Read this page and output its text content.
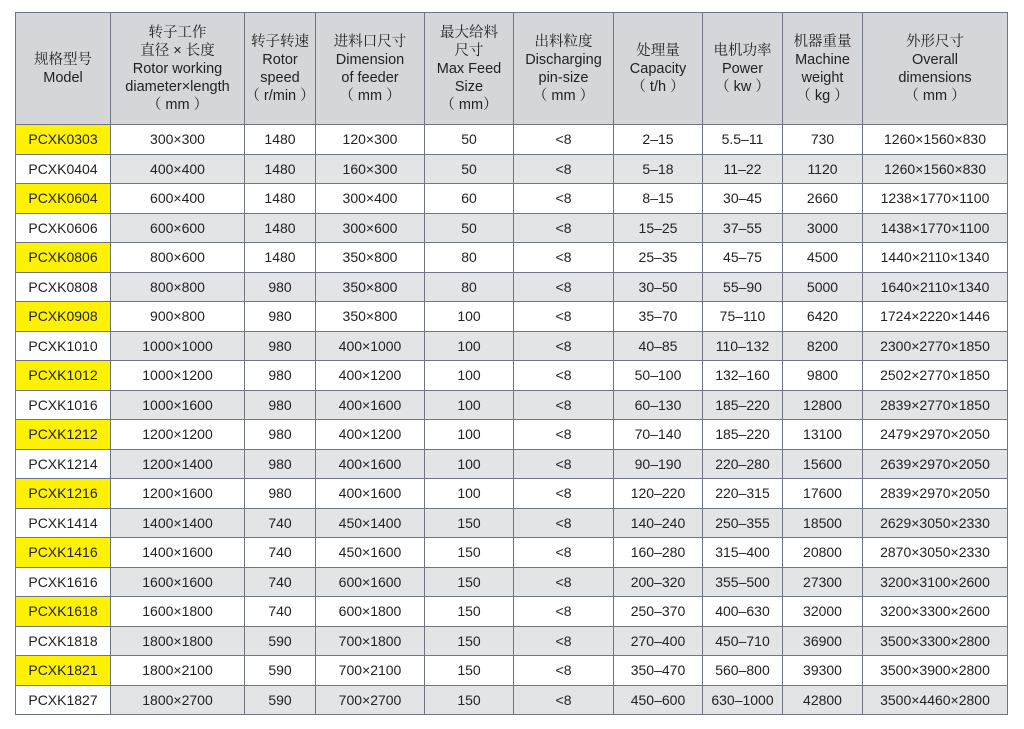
规格型号
Model	转子工作
直径 × 长度
Rotor working
diameter×length
（ mm ）	转子转速
Rotor
speed
（ r/min ）	进料口尺寸
Dimension
of feeder
（ mm ）	最大给料
尺寸
Max Feed
Size
（ mm）	出料粒度
Discharging
pin-size
（ mm ）	处理量
Capacity
（ t/h ）	电机功率
Power
（ kw ）	机器重量
Machine
weight
（ kg ）	外形尺寸
Overall
dimensions
（ mm ）

PCXK0303	300×300	1480	120×300	50	<8	2–15	5.5–11	730	1260×1560×830
PCXK0404	400×400	1480	160×300	50	<8	5–18	11–22	1120	1260×1560×830
PCXK0604	600×400	1480	300×400	60	<8	8–15	30–45	2660	1238×1770×1100
PCXK0606	600×600	1480	300×600	50	<8	15–25	37–55	3000	1438×1770×1100
PCXK0806	800×600	1480	350×800	80	<8	25–35	45–75	4500	1440×2110×1340
PCXK0808	800×800	980	350×800	80	<8	30–50	55–90	5000	1640×2110×1340
PCXK0908	900×800	980	350×800	100	<8	35–70	75–110	6420	1724×2220×1446
PCXK1010	1000×1000	980	400×1000	100	<8	40–85	110–132	8200	2300×2770×1850
PCXK1012	1000×1200	980	400×1200	100	<8	50–100	132–160	9800	2502×2770×1850
PCXK1016	1000×1600	980	400×1600	100	<8	60–130	185–220	12800	2839×2770×1850
PCXK1212	1200×1200	980	400×1200	100	<8	70–140	185–220	13100	2479×2970×2050
PCXK1214	1200×1400	980	400×1600	100	<8	90–190	220–280	15600	2639×2970×2050
PCXK1216	1200×1600	980	400×1600	100	<8	120–220	220–315	17600	2839×2970×2050
PCXK1414	1400×1400	740	450×1400	150	<8	140–240	250–355	18500	2629×3050×2330
PCXK1416	1400×1600	740	450×1600	150	<8	160–280	315–400	20800	2870×3050×2330
PCXK1616	1600×1600	740	600×1600	150	<8	200–320	355–500	27300	3200×3100×2600
PCXK1618	1600×1800	740	600×1800	150	<8	250–370	400–630	32000	3200×3300×2600
PCXK1818	1800×1800	590	700×1800	150	<8	270–400	450–710	36900	3500×3300×2800
PCXK1821	1800×2100	590	700×2100	150	<8	350–470	560–800	39300	3500×3900×2800
PCXK1827	1800×2700	590	700×2700	150	<8	450–600	630–1000	42800	3500×4460×2800
